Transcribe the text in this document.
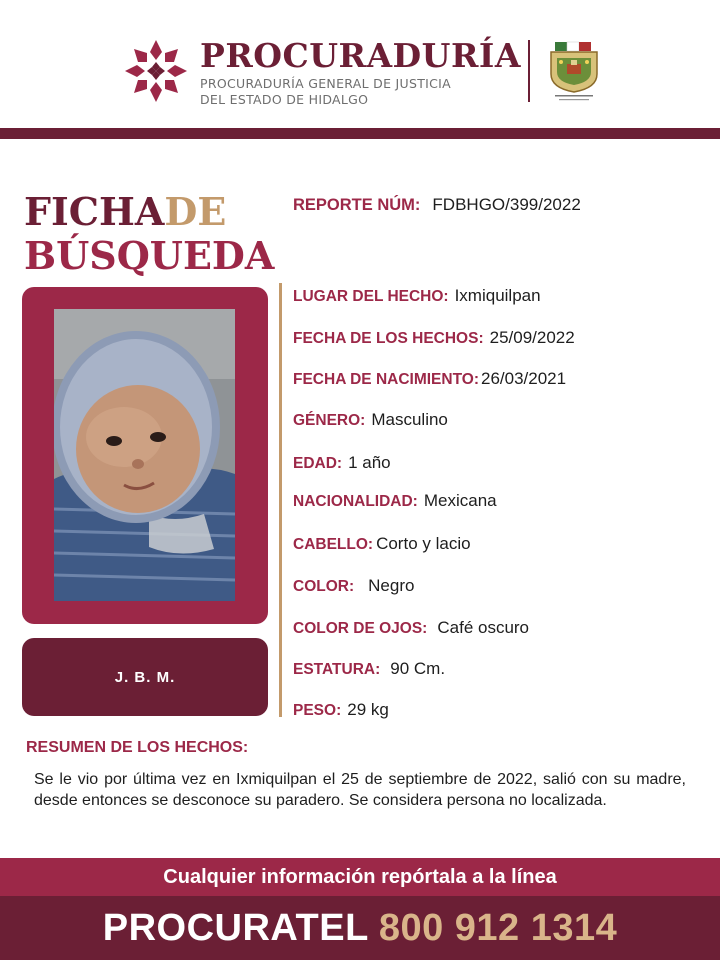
PROCURADURÍA
PROCURADURÍA GENERAL DE JUSTICIA
DEL ESTADO DE HIDALGO
FICHADE
BÚSQUEDA
REPORTE NÚM: FDBHGO/399/2022
J. B. M.
LUGAR DEL HECHO: Ixmiquilpan
FECHA DE LOS HECHOS: 25/09/2022
FECHA DE NACIMIENTO: 26/03/2021
GÉNERO: Masculino
EDAD: 1 año
NACIONALIDAD: Mexicana
CABELLO: Corto y lacio
COLOR: Negro
COLOR DE OJOS: Café oscuro
ESTATURA: 90 Cm.
PESO: 29 kg
RESUMEN DE LOS HECHOS:
Se le vio por última vez en Ixmiquilpan el 25 de septiembre de 2022, salió con su madre, desde entonces se desconoce su paradero. Se considera persona no localizada.
Cualquier información repórtala a la línea
PROCURATEL 800 912 1314
